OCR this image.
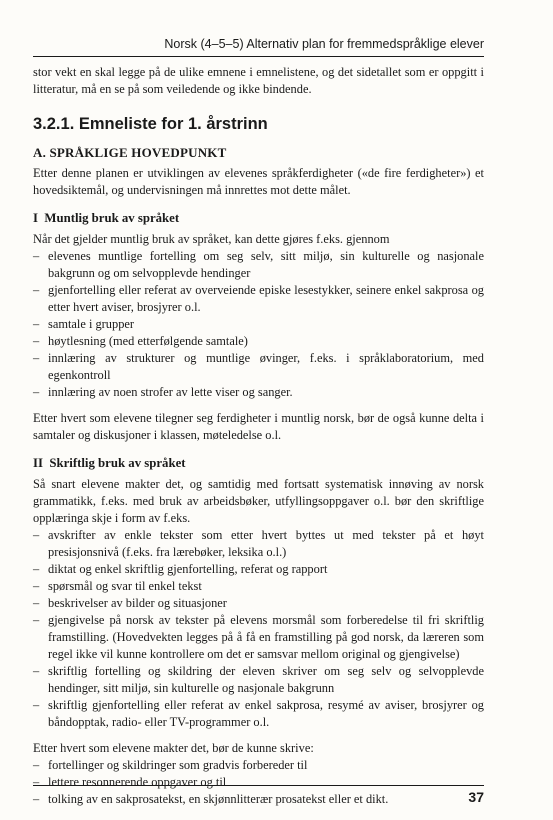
Norsk (4–5–5) Alternativ plan for fremmedspråklige elever

stor vekt en skal legge på de ulike emnene i emnelistene, og det sidetallet som er oppgitt i litteratur, må en se på som veiledende og ikke bindende.

3.2.1. Emneliste for 1. årstrinn
A. SPRÅKLIGE HOVEDPUNKT

Etter denne planen er utviklingen av elevenes språkferdigheter («de fire ferdigheter») et hovedsiktemål, og undervisningen må innrettes mot dette målet.

I  Muntlig bruk av språket

Når det gjelder muntlig bruk av språket, kan dette gjøres f.eks. gjennom

– elevenes muntlige fortelling om seg selv, sitt miljø, sin kulturelle og nasjonale bakgrunn og om selvopplevde hendinger
– gjenfortelling eller referat av overveiende episke lesestykker, seinere enkel sakprosa og etter hvert aviser, brosjyrer o.l.
– samtale i grupper
– høytlesning (med etterfølgende samtale)
– innlæring av strukturer og muntlige øvinger, f.eks. i språklaboratorium, med egenkontroll
– innlæring av noen strofer av lette viser og sanger.

Etter hvert som elevene tilegner seg ferdigheter i muntlig norsk, bør de også kunne delta i samtaler og diskusjoner i klassen, møteledelse o.l.

II  Skriftlig bruk av språket

Så snart elevene makter det, og samtidig med fortsatt systematisk innøving av norsk grammatikk, f.eks. med bruk av arbeidsbøker, utfyllingsoppgaver o.l. bør den skriftlige opplæringa skje i form av f.eks.

– avskrifter av enkle tekster som etter hvert byttes ut med tekster på et høyt presisjonsnivå (f.eks. fra lærebøker, leksika o.l.)
– diktat og enkel skriftlig gjenfortelling, referat og rapport
– spørsmål og svar til enkel tekst
– beskrivelser av bilder og situasjoner
– gjengivelse på norsk av tekster på elevens morsmål som forberedelse til fri skriftlig framstilling. (Hovedvekten legges på å få en framstilling på god norsk, da læreren som regel ikke vil kunne kontrollere om det er samsvar mellom original og gjengivelse)
– skriftlig fortelling og skildring der eleven skriver om seg selv og selvopplevde hendinger, sitt miljø, sin kulturelle og nasjonale bakgrunn
– skriftlig gjenfortelling eller referat av enkel sakprosa, resymé av aviser, brosjyrer og båndopptak, radio- eller TV-programmer o.l.

Etter hvert som elevene makter det, bør de kunne skrive:

– fortellinger og skildringer som gradvis forbereder til
– lettere resonnerende oppgaver og til
– tolking av en sakprosatekst, en skjønnlitterær prosatekst eller et dikt.	37
